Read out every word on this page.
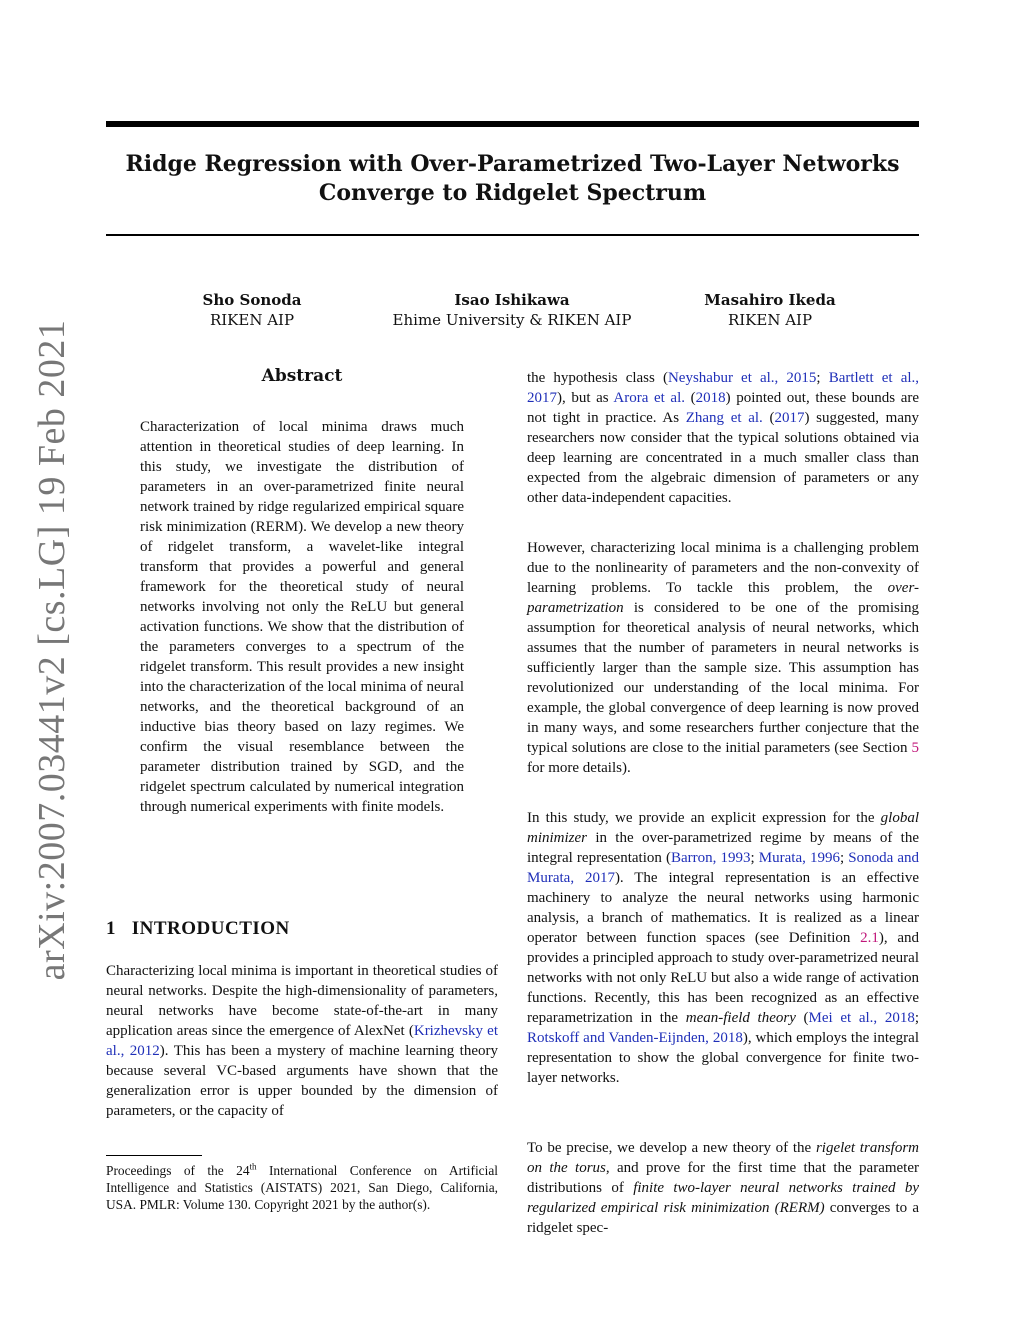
Ridge Regression with Over-Parametrized Two-Layer Networks
Converge to Ridgelet Spectrum
Sho Sonoda
RIKEN AIP
Isao Ishikawa
Ehime University & RIKEN AIP
Masahiro Ikeda
RIKEN AIP
arXiv:2007.03441v2 [cs.LG] 19 Feb 2021	Abstract

Characterization of local minima draws much attention in theoretical studies of deep learning. In this study, we investigate the distribution of parameters in an over-parametrized finite neural network trained by ridge regularized empirical square risk minimization (RERM). We develop a new theory of ridgelet transform, a wavelet-like integral transform that provides a powerful and general framework for the theoretical study of neural networks involving not only the ReLU but general activation functions. We show that the distribution of the parameters converges to a spectrum of the ridgelet transform. This result provides a new insight into the characterization of the local minima of neural networks, and the theoretical background of an inductive bias theory based on lazy regimes. We confirm the visual resemblance between the parameter distribution trained by SGD, and the ridgelet spectrum calculated by numerical integration through numerical experiments with finite models.

1 INTRODUCTION

Characterizing local minima is important in theoretical studies of neural networks. Despite the high-dimensionality of parameters, neural networks have become state-of-the-art in many application areas since the emergence of AlexNet (Krizhevsky et al., 2012). This has been a mystery of machine learning theory because several VC-based arguments have shown that the generalization error is upper bounded by the dimension of parameters, or the capacity of

Proceedings of the 24th International Conference on Artificial Intelligence and Statistics (AISTATS) 2021, San Diego, California, USA. PMLR: Volume 130. Copyright 2021 by the author(s).

the hypothesis class (Neyshabur et al., 2015; Bartlett et al., 2017), but as Arora et al. (2018) pointed out, these bounds are not tight in practice. As Zhang et al. (2017) suggested, many researchers now consider that the typical solutions obtained via deep learning are concentrated in a much smaller class than expected from the algebraic dimension of parameters or any other data-independent capacities.

However, characterizing local minima is a challenging problem due to the nonlinearity of parameters and the non-convexity of learning problems. To tackle this problem, the over-parametrization is considered to be one of the promising assumption for theoretical analysis of neural networks, which assumes that the number of parameters in neural networks is sufficiently larger than the sample size. This assumption has revolutionized our understanding of the local minima. For example, the global convergence of deep learning is now proved in many ways, and some researchers further conjecture that the typical solutions are close to the initial parameters (see Section 5 for more details).

In this study, we provide an explicit expression for the global minimizer in the over-parametrized regime by means of the integral representation (Barron, 1993; Murata, 1996; Sonoda and Murata, 2017). The integral representation is an effective machinery to analyze the neural networks using harmonic analysis, a branch of mathematics. It is realized as a linear operator between function spaces (see Definition 2.1), and provides a principled approach to study over-parametrized neural networks with not only ReLU but also a wide range of activation functions. Recently, this has been recognized as an effective reparametrization in the mean-field theory (Mei et al., 2018; Rotskoff and Vanden-Eijnden, 2018), which employs the integral representation to show the global convergence for finite two-layer networks.

To be precise, we develop a new theory of the rigelet transform on the torus, and prove for the first time that the parameter distributions of finite two-layer neural networks trained by regularized empirical risk minimization (RERM) converges to a ridgelet spec-
